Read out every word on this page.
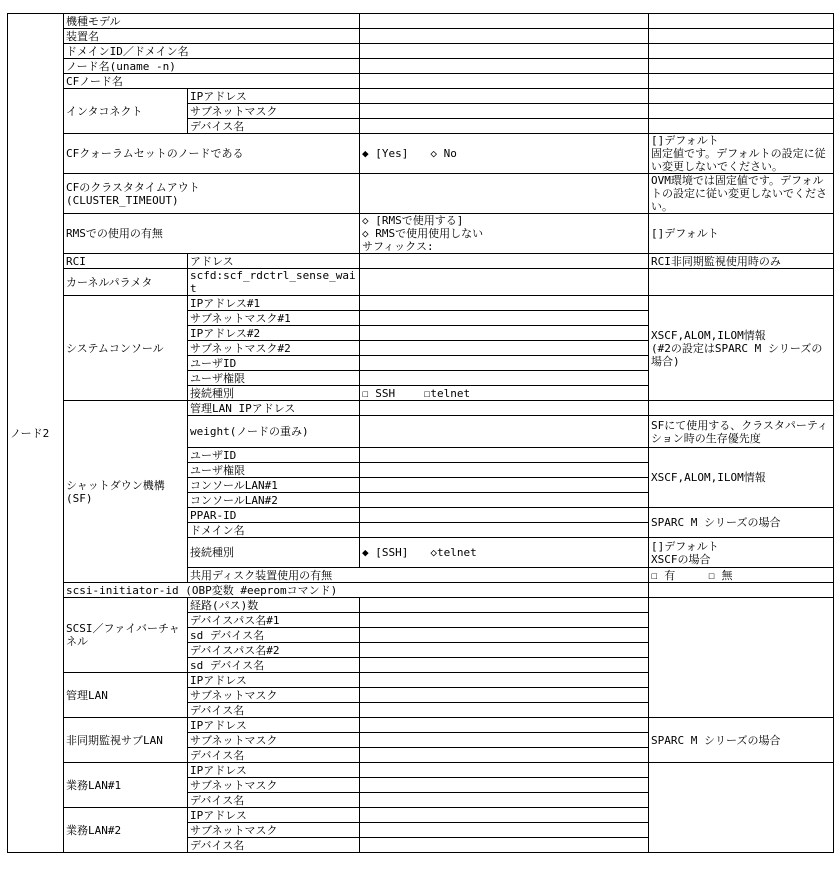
ノード2	機種モデル				
	装置名				
	ドメインID／ドメイン名				
	ノード名(uname -n)				
	CFノード名				
	インタコネクト	IPアドレス			
		サブネットマスク			
		デバイス名			
	CFクォーラムセットのノードである		◆ [Yes]　　◇ No	[]デフォルト
固定値です。デフォルトの設定に従い変更しないでください。	
	CFのクラスタタイムアウト
(CLUSTER_TIMEOUT)			OVM環境では固定値です。デフォルトの設定に従い変更しないでください。	
	RMSでの使用の有無		◇ [RMSで使用する]
◇ RMSで使用使用しない
サフィックス:	[]デフォルト	
	RCI	アドレス		RCI非同期監視使用時のみ	
	カーネルパラメタ	scfd:scf_rdctrl_sense_wait			
	システムコンソール	IPアドレス#1		XSCF,ALOM,ILOM情報
(#2の設定はSPARC M シリーズの場合)	
		サブネットマスク#1			
		IPアドレス#2			
		サブネットマスク#2			
		ユーザID			
		ユーザ権限			
		接続種別	☐ SSH　　 ☐telnet		
	シャットダウン機構
(SF)	管理LAN IPアドレス			
		weight(ノードの重み)		SFにて使用する、クラスタパーティション時の生存優先度	
		ユーザID		XSCF,ALOM,ILOM情報	
		ユーザ権限			
		コンソールLAN#1			
		コンソールLAN#2			
		PPAR-ID		SPARC M シリーズの場合	
		ドメイン名			
		接続種別	◆ [SSH]　　◇telnet	[]デフォルト
XSCFの場合	
		共用ディスク装置使用の有無		☐ 有　　　☐ 無	
	scsi-initiator-id (OBP変数 #eepromコマンド)				
	SCSI／ファイバーチャネル	経路(パス)数			
		デバイスパス名#1			
		sd デバイス名			
		デバイスパス名#2			
		sd デバイス名			
	管理LAN	IPアドレス			
		サブネットマスク			
		デバイス名			
	非同期監視サブLAN	IPアドレス		SPARC M シリーズの場合	
		サブネットマスク			
		デバイス名			
	業務LAN#1	IPアドレス			
		サブネットマスク			
		デバイス名			
	業務LAN#2	IPアドレス			
		サブネットマスク			
		デバイス名			
